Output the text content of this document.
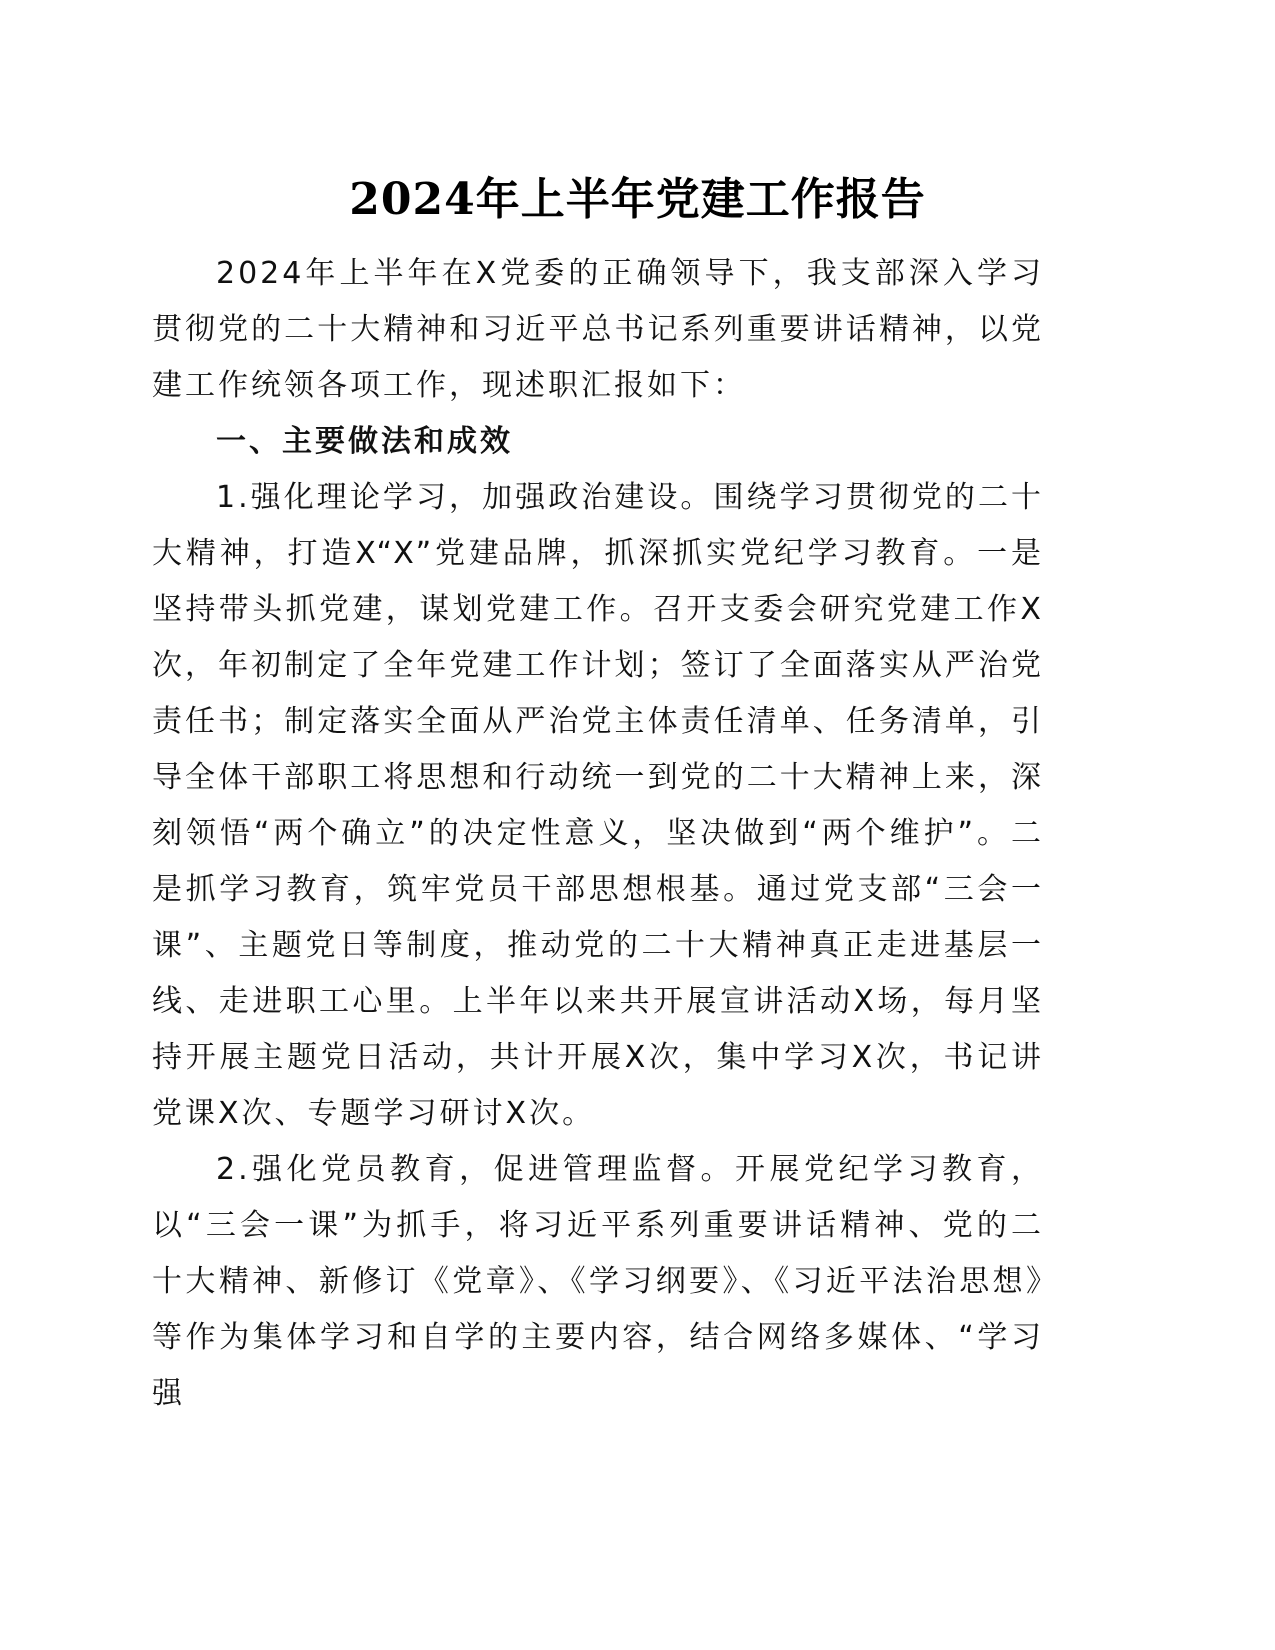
2024年上半年党建工作报告

2024年上半年在X党委的正确领导下，我支部深入学习贯彻党的二十大精神和习近平总书记系列重要讲话精神，以党建工作统领各项工作，现述职汇报如下：

一、主要做法和成效

1.强化理论学习，加强政治建设。围绕学习贯彻党的二十大精神，打造X“X”党建品牌，抓深抓实党纪学习教育。一是坚持带头抓党建，谋划党建工作。召开支委会研究党建工作X次，年初制定了全年党建工作计划；签订了全面落实从严治党责任书；制定落实全面从严治党主体责任清单、任务清单，引导全体干部职工将思想和行动统一到党的二十大精神上来，深刻领悟“两个确立”的决定性意义，坚决做到“两个维护”。二是抓学习教育，筑牢党员干部思想根基。通过党支部“三会一课”、主题党日等制度，推动党的二十大精神真正走进基层一线、走进职工心里。上半年以来共开展宣讲活动X场，每月坚持开展主题党日活动，共计开展X次，集中学习X次，书记讲党课X次、专题学习研讨X次。

2.强化党员教育，促进管理监督。开展党纪学习教育，以“三会一课”为抓手，将习近平系列重要讲话精神、党的二十大精神、新修订《党章》、《学习纲要》、《习近平法治思想》等作为集体学习和自学的主要内容，结合网络多媒体、“学习强
